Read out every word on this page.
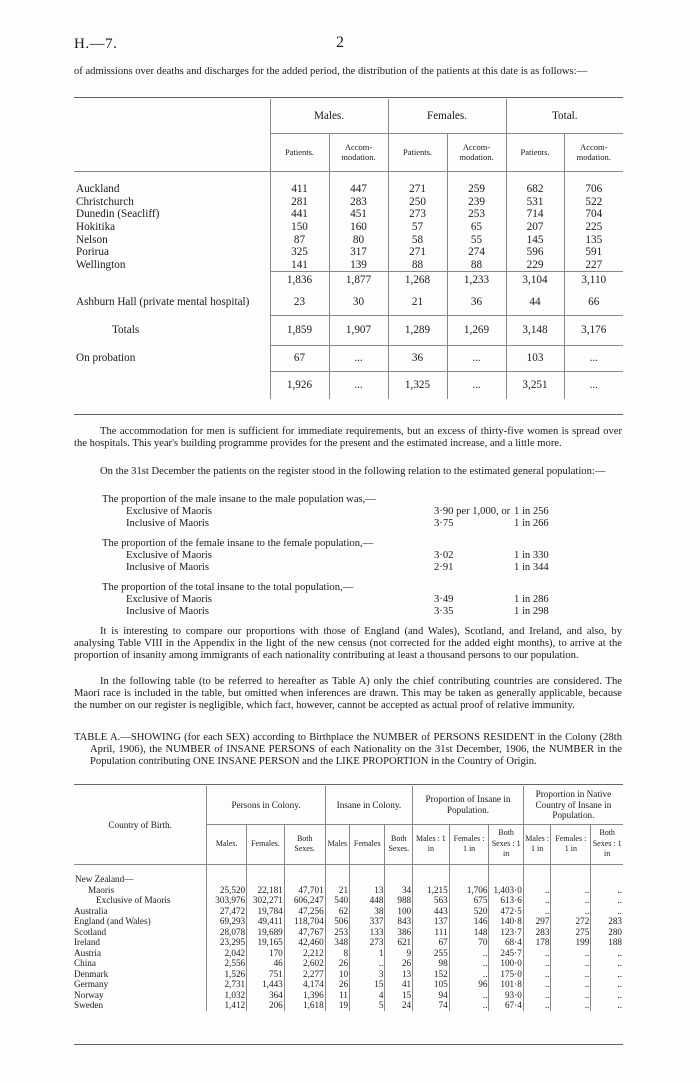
H.—7.	2
of admissions over deaths and discharges for the added period, the distribution of the patients at this date is as follows:—
	Males.		Females.		Total.	
	Patients.	Accom-modation.	Patients.	Accom-modation.	Patients.	Accom-modation.

Auckland	411	447	271	259	682	706
Christchurch	281	283	250	239	531	522
Dunedin (Seacliff)	441	451	273	253	714	704
Hokitika	150	160	57	65	207	225
Nelson	87	80	58	55	145	135
Porirua	325	317	271	274	596	591
Wellington	141	139	88	88	229	227
	1,836	1,877	1,268	1,233	3,104	3,110
Ashburn Hall (private mental hospital)	23	30	21	36	44	66
Totals	1,859	1,907	1,289	1,269	3,148	3,176
On probation	67	...	36	...	103	...
	1,926	...	1,325	...	3,251	...
The accommodation for men is sufficient for immediate requirements, but an excess of thirty-five women is spread over the hospitals. This year's building programme provides for the present and the estimated increase, and a little more.
On the 31st December the patients on the register stood in the following relation to the estimated general population:—
The proportion of the male insane to the male population was,—
Exclusive of Maoris	3·90 per 1,000, or 1 in 256
Inclusive of Maoris	3·75	1 in 266
The proportion of the female insane to the female population,—
Exclusive of Maoris	3·02	1 in 330
Inclusive of Maoris	2·91	1 in 344
The proportion of the total insane to the total population,—
Exclusive of Maoris	3·49	1 in 286
Inclusive of Maoris	3·35	1 in 298
It is interesting to compare our proportions with those of England (and Wales), Scotland, and Ireland, and also, by analysing Table VIII in the Appendix in the light of the new census (not corrected for the added eight months), to arrive at the proportion of insanity among immigrants of each nationality contributing at least a thousand persons to our population.
In the following table (to be referred to hereafter as Table A) only the chief contributing countries are considered. The Maori race is included in the table, but omitted when inferences are drawn. This may be taken as generally applicable, because the number on our register is negligible, which fact, however, cannot be accepted as actual proof of relative immunity.
TABLE A.—SHOWING (for each SEX) according to Birthplace the NUMBER of PERSONS RESIDENT in the Colony (28th April, 1906), the NUMBER of INSANE PERSONS of each Nationality on the 31st December, 1906, the NUMBER in the Population contributing ONE INSANE PERSON and the LIKE PROPORTION in the Country of Origin.
Country of Birth.	Persons in Colony.			Insane in Colony.			Proportion of Insane in Population.			Proportion in Native Country of Insane in Population.		
	Males.	Females.	Both Sexes.	Males	Females	Both Sexes.	Males : 1 in	Females : 1 in	Both Sexes : 1 in	Males : 1 in	Females : 1 in	Both Sexes : 1 in

New Zealand—												
Maoris	25,520	22,181	47,701	21	13	34	1,215	1,706	1,403·0	..	..	..
Exclusive of Maoris	303,976	302,271	606,247	540	448	988	563	675	613·6	..	..	..
Australia	27,472	19,784	47,256	62	38	100	443	520	472·5	..	..	..
England (and Wales)	69,293	49,411	118,704	506	337	843	137	146	140·8	297	272	283
Scotland	28,078	19,689	47,767	253	133	386	111	148	123·7	283	275	280
Ireland	23,295	19,165	42,460	348	273	621	67	70	68·4	178	199	188
Austria	2,042	170	2,212	8	1	9	255	..	245·7	..	..	..
China	2,556	46	2,602	26	..	26	98	..	100·0	..	..	..
Denmark	1,526	751	2,277	10	3	13	152	..	175·0	..	..	..
Germany	2,731	1,443	4,174	26	15	41	105	96	101·8	..	..	..
Norway	1,032	364	1,396	11	4	15	94	..	93·0	..	..	..
Sweden	1,412	206	1,618	19	5	24	74	..	67·4	..	..	..
